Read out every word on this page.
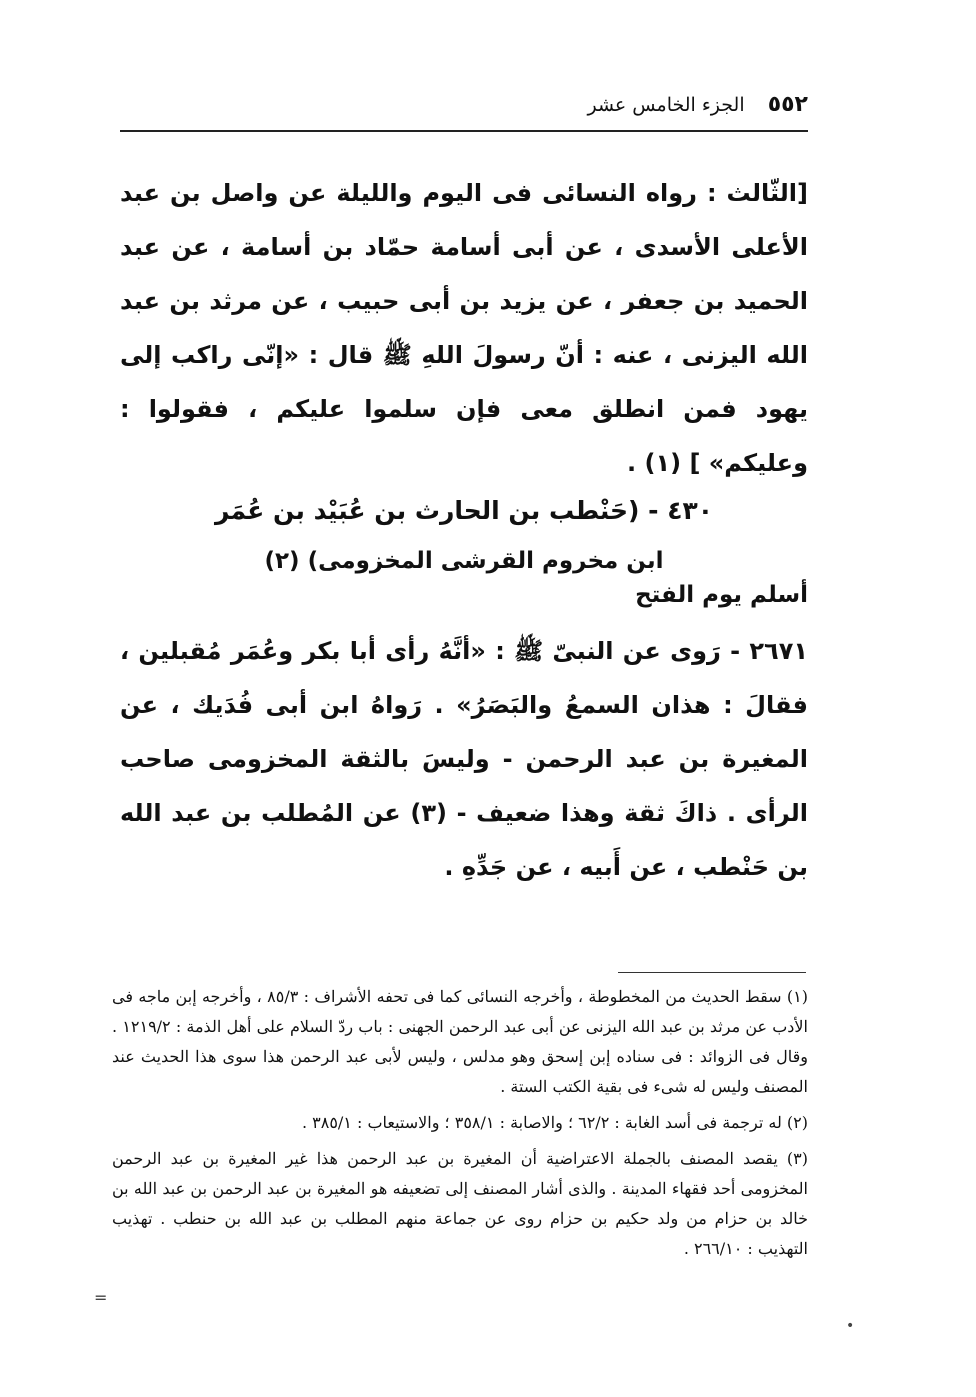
٥٥٢ الجزء الخامس عشر
[الثّالث : رواه النسائى فى اليوم والليلة عن واصل بن عبد الأعلى الأسدى ، عن أبى أسامة حمّاد بن أسامة ، عن عبد الحميد بن جعفر ، عن يزيد بن أبى حبيب ، عن مرثد بن عبد الله اليزنى ، عنه : أنّ رسولَ اللهِ ﷺ قال : «إنّى راكب إلى يهود فمن انطلق معى فإن سلموا عليكم ، فقولوا : وعليكم» ] (١) .
٤٣٠ - (حَنْطب بن الحارث بن عُبَيْد بن عُمَر
ابن مخروم القرشى المخزومى) (٢)
أسلم يوم الفتح
٢٦٧١ - رَوى عن النبىّ ﷺ : «أنَّهُ رأى أبا بكر وعُمَر مُقبلين ، فقالَ : هذان السمعُ والبَصَرُ» . رَواهُ ابن أبى فُدَيك ، عن المغيرة بن عبد الرحمن - وليسَ بالثقة المخزومى صاحب الرأى . ذاكَ ثقة وهذا ضعيف - (٣) عن المُطلب بن عبد الله بن حَنْطب ، عن أَبيه ، عن جَدِّهِ .

(١) سقط الحديث من المخطوطة ، وأخرجه النسائى كما فى تحفه الأشراف : ٨٥/٣ ، وأخرجه إبن ماجه فى الأدب عن مرثد بن عبد الله اليزنى عن أبى عبد الرحمن الجهنى : باب ردّ السلام على أهل الذمة : ١٢١٩/٢ . وقال فى الزوائد : فى سناده إبن إسحق وهو مدلس ، وليس لأبى عبد الرحمن هذا سوى هذا الحديث عند المصنف وليس له شىء فى بقية الكتب الستة .

(٢) له ترجمة فى أسد الغابة : ٦٢/٢ ؛ والاصابة : ٣٥٨/١ ؛ والاستيعاب : ٣٨٥/١ .

(٣) يقصد المصنف بالجملة الاعتراضية أن المغيرة بن عبد الرحمن هذا غير المغيرة بن عبد الرحمن المخزومى أحد فقهاء المدينة . والذى أشار المصنف إلى تضعيفه هو المغيرة بن عبد الرحمن بن عبد الله بن خالد بن حزام من ولد حكيم بن حزام روى عن جماعة منهم المطلب بن عبد الله بن حنطب . تهذيب التهذيب : ٢٦٦/١٠ .

=
•
